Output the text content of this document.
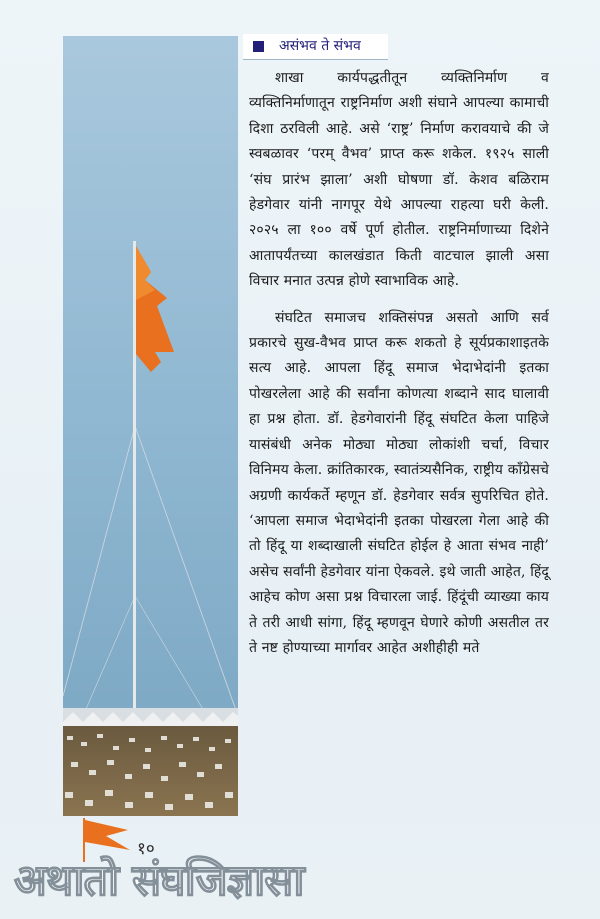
असंभव ते संभव

शाखा कार्यपद्धतीतून व्यक्तिनिर्माण व व्यक्तिनिर्माणातून राष्ट्रनिर्माण अशी संघाने आपल्या कामाची दिशा ठरविली आहे. असे ‘राष्ट्र’ निर्माण करावयाचे की जे स्वबळावर ‘परम् वैभव’ प्राप्त करू शकेल. १९२५ साली ‘संघ प्रारंभ झाला’ अशी घोषणा डॉ. केशव बळिराम हेडगेवार यांनी नागपूर येथे आपल्या राहत्या घरी केली. २०२५ ला १०० वर्षे पूर्ण होतील. राष्ट्रनिर्माणाच्या दिशेने आतापर्यंतच्या कालखंडात किती वाटचाल झाली असा विचार मनात उत्पन्न होणे स्वाभाविक आहे.

संघटित समाजच शक्तिसंपन्न असतो आणि सर्व प्रकारचे सुख-वैभव प्राप्त करू शकतो हे सूर्यप्रकाशाइतके सत्य आहे. आपला हिंदू समाज भेदाभेदांनी इतका पोखरलेला आहे की सर्वांना कोणत्या शब्दाने साद घालावी हा प्रश्न होता. डॉ. हेडगेवारांनी हिंदू संघटित केला पाहिजे यासंबंधी अनेक मोठ्या मोठ्या लोकांशी चर्चा, विचार विनिमय केला. क्रांतिकारक, स्वातंत्र्यसैनिक, राष्ट्रीय काँग्रेसचे अग्रणी कार्यकर्ते म्हणून डॉ. हेडगेवार सर्वत्र सुपरिचित होते. ‘आपला समाज भेदाभेदांनी इतका पोखरला गेला आहे की तो हिंदू या शब्दाखाली संघटित होईल हे आता संभव नाही’ असेच सर्वांनी हेडगेवार यांना ऐकवले. इथे जाती आहेत, हिंदू आहेच कोण असा प्रश्न विचारला जाई. हिंदूंची व्याख्या काय ते तरी आधी सांगा, हिंदू म्हणवून घेणारे कोणी असतील तर ते नष्ट होण्याच्या मार्गावर आहेत अशीहीही मते

१०
अथातो संघजिज्ञासा
